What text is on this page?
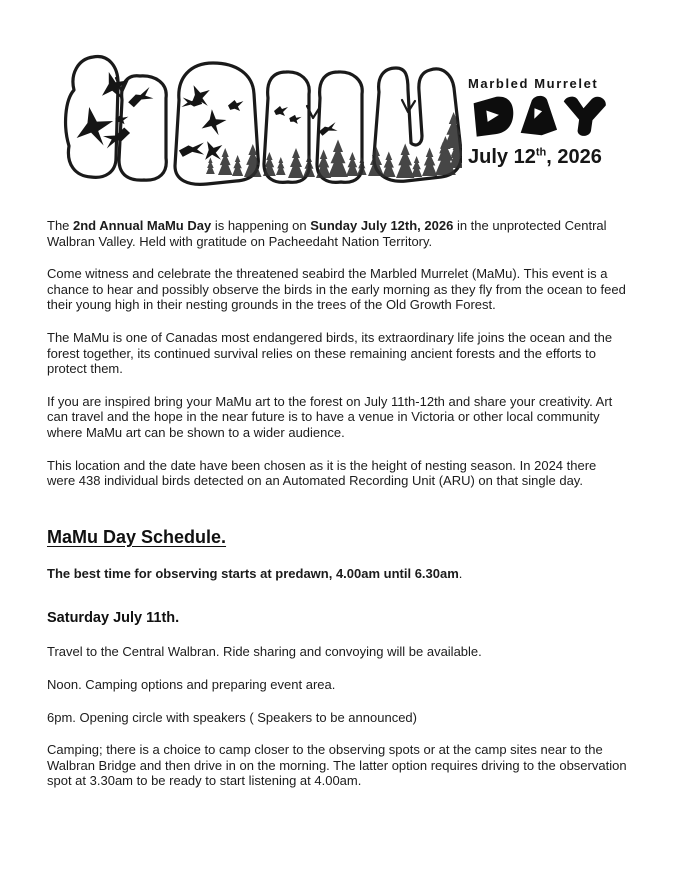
Marbled Murrelet
July 12th, 2026

The 2nd Annual MaMu Day is happening on Sunday July 12th, 2026 in the unprotected Central Walbran Valley. Held with gratitude on Pacheedaht Nation Territory.

Come witness and celebrate the threatened seabird the Marbled Murrelet (MaMu). This event is a chance to hear and possibly observe the birds in the early morning as they fly from the ocean to feed their young high in their nesting grounds in the trees of the Old Growth Forest.

The MaMu is one of Canadas most endangered birds, its extraordinary life joins the ocean and the forest together, its continued survival relies on these remaining ancient forests and the efforts to protect them.

If you are inspired bring your MaMu art to the forest on July 11th-12th and share your creativity. Art can travel and the hope in the near future is to have a venue in Victoria or other local community where MaMu art can be shown to a wider audience.

This location and the date have been chosen as it is the height of nesting season. In 2024 there were 438 individual birds detected on an Automated Recording Unit (ARU) on that single day.

MaMu Day Schedule.

The best time for observing starts at predawn, 4.00am until 6.30am.

Saturday July 11th.

Travel to the Central Walbran. Ride sharing and convoying will be available.

Noon. Camping options and preparing event area.

6pm. Opening circle with speakers ( Speakers to be announced)

Camping; there is a choice to camp closer to the observing spots or at the camp sites near to the Walbran Bridge and then drive in on the morning. The latter option requires driving to the observation spot at 3.30am to be ready to start listening at 4.00am.
